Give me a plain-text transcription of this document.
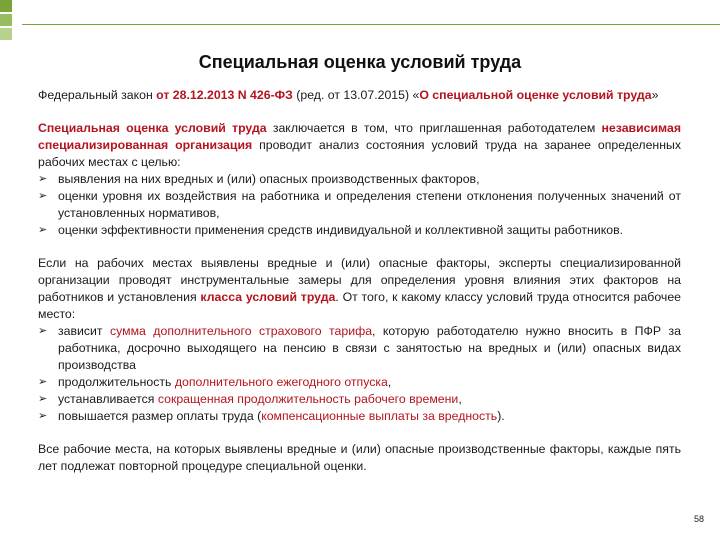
Специальная оценка условий труда

Федеральный закон от 28.12.2013 N 426-ФЗ (ред. от 13.07.2015) «О специальной оценке условий труда»

Специальная оценка условий труда заключается в том, что приглашенная работодателем независимая специализированная организация проводит анализ состояния условий труда на заранее определенных рабочих местах с целью:

➢ выявления на них вредных и (или) опасных производственных факторов,
➢ оценки уровня их воздействия на работника и определения степени отклонения полученных значений от установленных нормативов,
➢ оценки эффективности применения средств индивидуальной и коллективной защиты работников.

Если на рабочих местах выявлены вредные и (или) опасные факторы, эксперты специализированной организации проводят инструментальные замеры для определения уровня влияния этих факторов на работников и установления класса условий труда. От того, к какому классу условий труда относится рабочее место:

➢ зависит сумма дополнительного страхового тарифа, которую работодателю нужно вносить в ПФР за работника, досрочно выходящего на пенсию в связи с занятостью на вредных и (или) опасных видах производства
➢ продолжительность дополнительного ежегодного отпуска,
➢ устанавливается сокращенная продолжительность рабочего времени,
➢ повышается размер оплаты труда (компенсационные выплаты за вредность).

Все рабочие места, на которых выявлены вредные и (или) опасные производственные факторы, каждые пять лет подлежат повторной процедуре специальной оценки.

58
